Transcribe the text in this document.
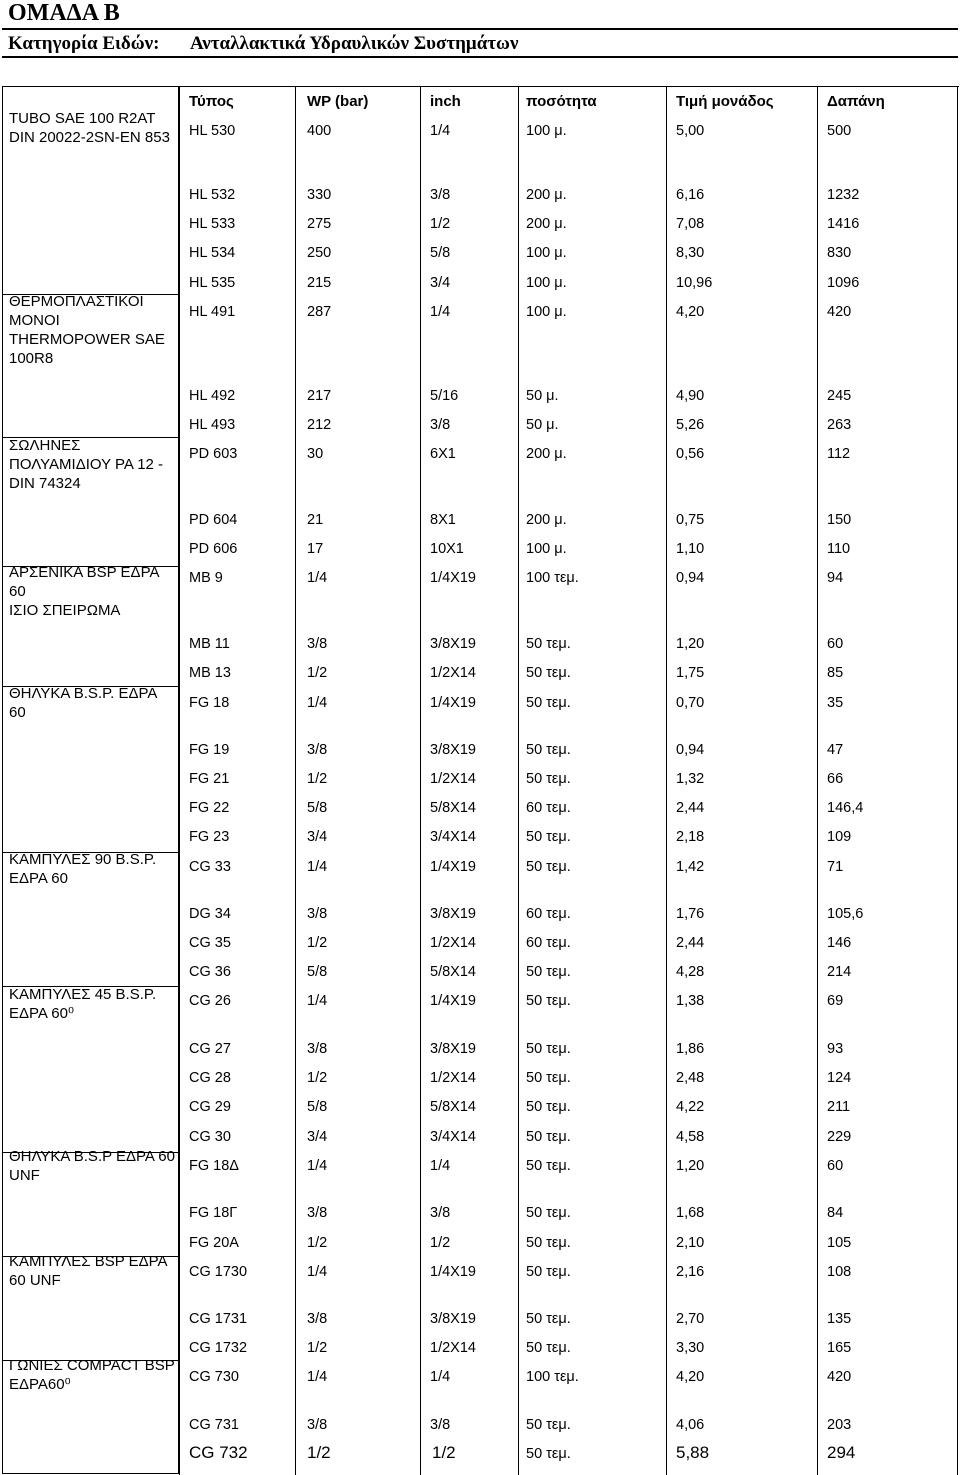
ΟΜΑΔΑ Β
Κατηγορία Ειδών: Ανταλλακτικά Υδραυλικών Συστημάτων
TUBO SAE 100 R2AT DIN 20022-2SN-EN 853
ΘΕΡΜΟΠΛΑΣΤΙΚΟΙ ΜΟΝΟΙ THERMOPOWER SAE 100R8
ΣΩΛΗΝΕΣ ΠΟΛΥΑΜΙΔΙΟΥ PA 12 -DIN 74324
ΑΡΣΕΝΙΚΑ BSP ΕΔΡΑ 60
ΙΣΙΟ ΣΠΕΙΡΩΜΑ
ΘΗΛΥΚΑ B.S.P. ΕΔΡΑ 60
ΚΑΜΠΥΛΕΣ 90 B.S.P. ΕΔΡΑ 60
ΚΑΜΠΥΛΕΣ 45 B.S.P. ΕΔΡΑ 60⁰
ΘΗΛΥΚΑ B.S.P ΕΔΡΑ 60 UNF
ΚΑΜΠΥΛΕΣ BSP ΕΔΡΑ 60 UNF
ΓΩΝΙΕΣ COMPACT BSP ΕΔΡΑ60⁰
Τύπος	WP (bar)	inch	ποσότητα	Τιμή μονάδος	Δαπάνη
HL 530	400	1/4	100 μ.	5,00	500
HL 532	330	3/8	200 μ.	6,16	1232
HL 533	275	1/2	200 μ.	7,08	1416
HL 534	250	5/8	100 μ.	8,30	830
HL 535	215	3/4	100 μ.	10,96	1096
HL 491	287	1/4	100 μ.	4,20	420
HL 492	217	5/16	50 μ.	4,90	245
HL 493	212	3/8	50 μ.	5,26	263
PD 603	30	6X1	200 μ.	0,56	112
PD 604	21	8X1	200 μ.	0,75	150
PD 606	17	10X1	100 μ.	1,10	110
MB 9	1/4	1/4X19	100 τεμ.	0,94	94
MB 11	3/8	3/8X19	50 τεμ.	1,20	60
MB 13	1/2	1/2X14	50 τεμ.	1,75	85
FG 18	1/4	1/4X19	50 τεμ.	0,70	35
FG 19	3/8	3/8X19	50 τεμ.	0,94	47
FG 21	1/2	1/2X14	50 τεμ.	1,32	66
FG 22	5/8	5/8X14	60 τεμ.	2,44	146,4
FG 23	3/4	3/4X14	50 τεμ.	2,18	109
CG 33	1/4	1/4X19	50 τεμ.	1,42	71
DG 34	3/8	3/8X19	60 τεμ.	1,76	105,6
CG 35	1/2	1/2X14	60 τεμ.	2,44	146
CG 36	5/8	5/8X14	50 τεμ.	4,28	214
CG 26	1/4	1/4X19	50 τεμ.	1,38	69
CG 27	3/8	3/8X19	50 τεμ.	1,86	93
CG 28	1/2	1/2X14	50 τεμ.	2,48	124
CG 29	5/8	5/8X14	50 τεμ.	4,22	211
CG 30	3/4	3/4X14	50 τεμ.	4,58	229
FG 18Δ	1/4	1/4	50 τεμ.	1,20	60
FG 18Γ	3/8	3/8	50 τεμ.	1,68	84
FG 20A	1/2	1/2	50 τεμ.	2,10	105
CG 1730	1/4	1/4X19	50 τεμ.	2,16	108
CG 1731	3/8	3/8X19	50 τεμ.	2,70	135
CG 1732	1/2	1/2X14	50 τεμ.	3,30	165
CG 730	1/4	1/4	100 τεμ.	4,20	420
CG 731	3/8	3/8	50 τεμ.	4,06	203
CG 732	1/2	1/2	50 τεμ.	5,88	294
